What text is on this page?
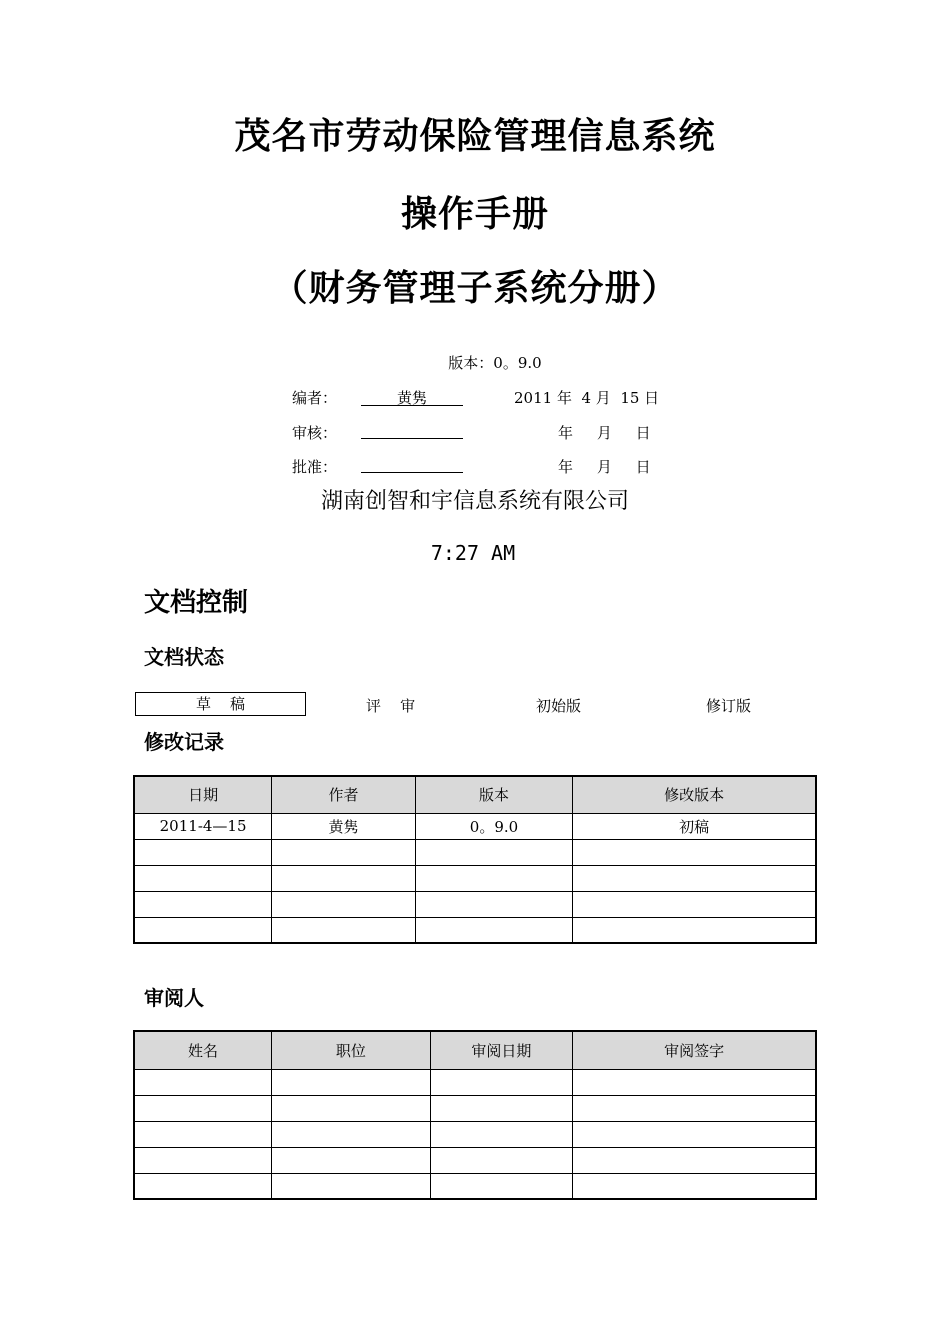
茂名市劳动保险管理信息系统
操作手册
（财务管理子系统分册）
版本：0。9.0
编者：	黄隽	2011 年  4 月  15 日
审核：	年     月     日
批准：	年     月     日
湖南创智和宇信息系统有限公司
7:27 AM
文档控制
文档状态
草    稿	评    审	初始版	修订版
修改记录
日期	作者	版本	修改版本
2011-4—15	黄隽	0。9.0	初稿

审阅人
姓名	职位	审阅日期	审阅签字
